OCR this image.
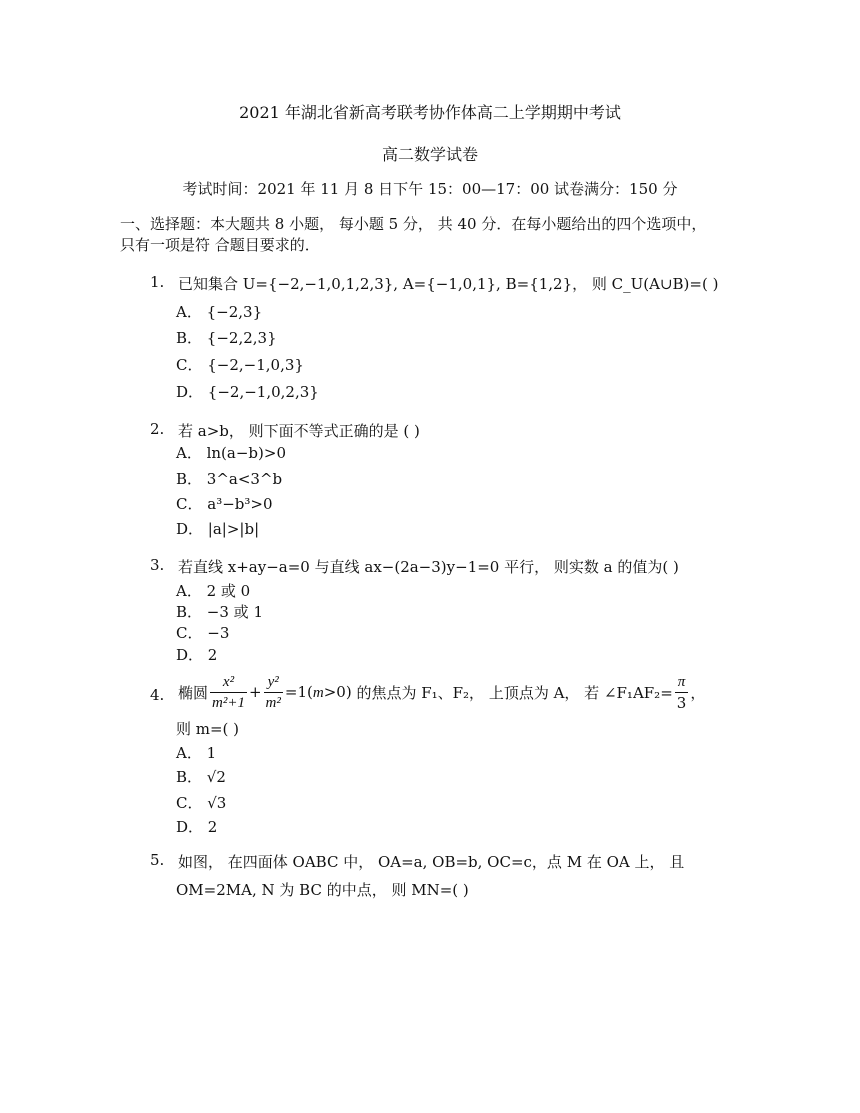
2021 年湖北省新高考联考协作体高二上学期期中考试
高二数学试卷
考试时间：2021 年 11 月 8 日下午 15：00—17：00 试卷满分：150 分
一、选择题：本大题共 8 小题， 每小题 5 分， 共 40 分．在每小题给出的四个选项中，
只有一项是符 合题目要求的．
1. 已知集合 U={−2,−1,0,1,2,3}, A={−1,0,1}, B={1,2}， 则 C_U(A∪B)=( )
A． {−2,3}
B． {−2,2,3}
C． {−2,−1,0,3}
D． {−2,−1,0,2,3}
2. 若 a>b， 则下面不等式正确的是 ( )
A． ln(a−b)>0
B． 3^a<3^b
C． a³−b³>0
D． |a|>|b|
3. 若直线 x+ay−a=0 与直线 ax−(2a−3)y−1=0 平行， 则实数 a 的值为( )
A． 2 或 0
B． −3 或 1
C． −3
D． 2
4. 椭圆 $\frac{\text{x²}}{\text{m²+1}} + \frac{\text{y²}}{\text{m²}} =1(m>0)$ 的焦点为 F₁、F₂， 上顶点为 A， 若 ∠F₁AF₂= $\frac{\pi}{3}$ ，
则 m=( )
A． 1
B． √2
C． √3
D． 2
5. 如图， 在四面体 OABC 中， OA=a, OB=b, OC=c，点 M 在 OA 上， 且
OM=2MA, N 为 BC 的中点， 则 MN=( )
